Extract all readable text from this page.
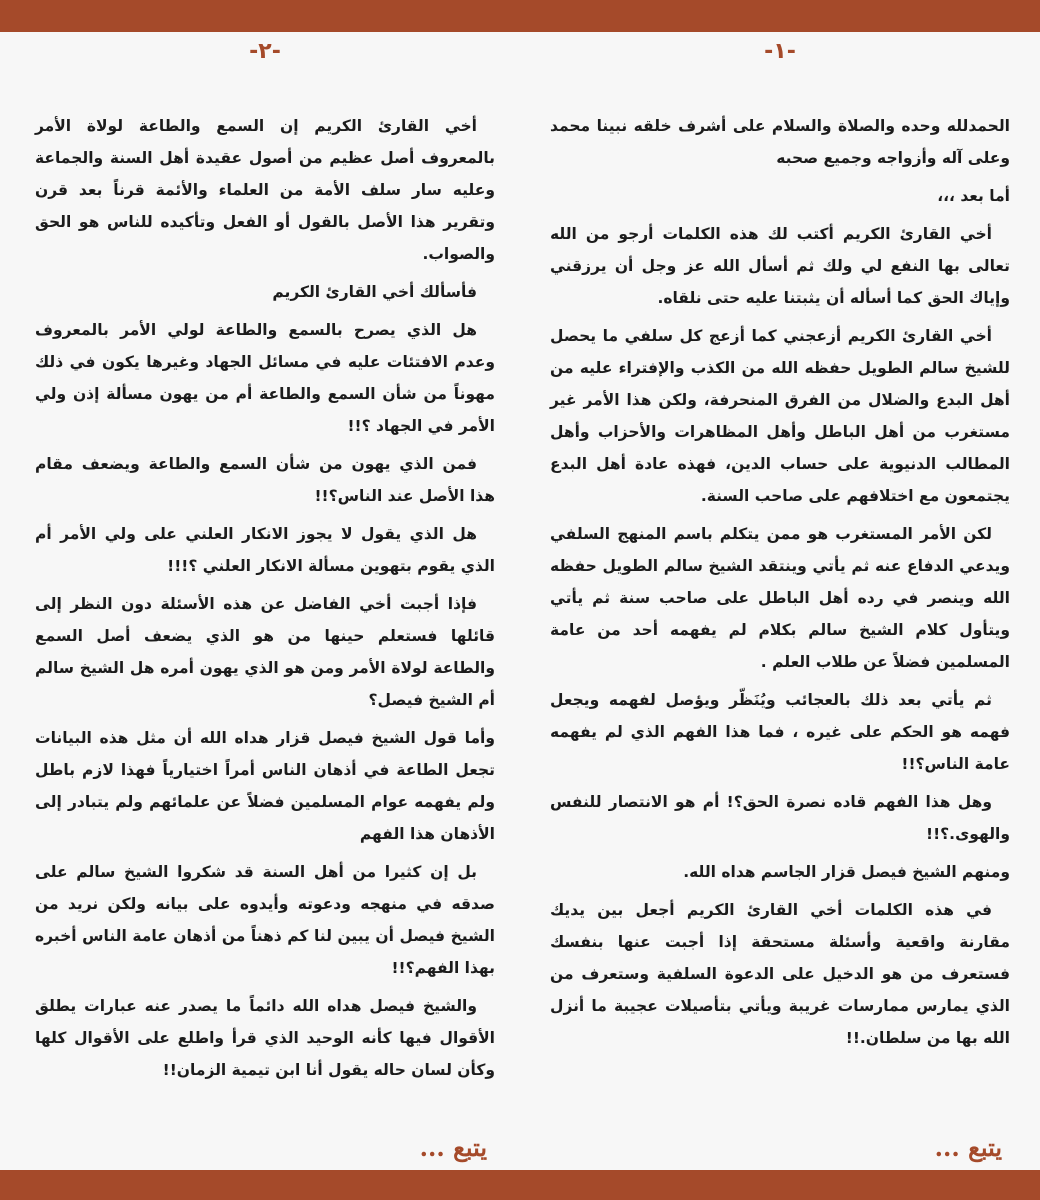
-١-

الحمدلله وحده والصلاة والسلام على أشرف خلقه نبينا محمد وعلى آله وأزواجه وجميع صحبه

أما بعد ،،،

أخي القارئ الكريم أكتب لك هذه الكلمات أرجو من الله تعالى بها النفع لي ولك ثم أسأل الله عز وجل أن يرزقني وإياك الحق كما أسأله أن يثبتنا عليه حتى نلقاه.

أخي القارئ الكريم أزعجني كما أزعج كل سلفي ما يحصل للشيخ سالم الطويل حفظه الله من الكذب والإفتراء عليه من أهل البدع والضلال من الفرق المنحرفة، ولكن هذا الأمر غير مستغرب من أهل الباطل وأهل المظاهرات والأحزاب وأهل المطالب الدنيوية على حساب الدين، فهذه عادة أهل البدع يجتمعون مع اختلافهم على صاحب السنة.

لكن الأمر المستغرب هو ممن يتكلم باسم المنهج السلفي ويدعي الدفاع عنه ثم يأتي وينتقد الشيخ سالم الطويل حفظه الله وينصر في رده أهل الباطل على صاحب سنة ثم يأتي ويتأول كلام الشيخ سالم بكلام لم يفهمه أحد من عامة المسلمين فضلاً عن طلاب العلم .

ثم يأتي بعد ذلك بالعجائب ويُنَظّر ويؤصل لفهمه ويجعل فهمه هو الحكم على غيره ، فما هذا الفهم الذي لم يفهمه عامة الناس؟!!

وهل هذا الفهم قاده نصرة الحق؟! أم هو الانتصار للنفس والهوى.؟!!

ومنهم الشيخ فيصل قزار الجاسم هداه الله.

في هذه الكلمات أخي القارئ الكريم أجعل بين يديك مقارنة واقعية وأسئلة مستحقة إذا أجبت عنها بنفسك فستعرف من هو الدخيل على الدعوة السلفية وستعرف من الذي يمارس ممارسات غريبة ويأتي بتأصيلات عجيبة ما أنزل الله بها من سلطان.!!

يتبع ...
-٢-

أخي القارئ الكريم إن السمع والطاعة لولاة الأمر بالمعروف أصل عظيم من أصول عقيدة أهل السنة والجماعة وعليه سار سلف الأمة من العلماء والأئمة قرناً بعد قرن وتقرير هذا الأصل بالقول أو الفعل وتأكيده للناس هو الحق والصواب.

فأسألك أخي القارئ الكريم

هل الذي يصرح بالسمع والطاعة لولي الأمر بالمعروف وعدم الافتئات عليه في مسائل الجهاد وغيرها يكون في ذلك مهوناً من شأن السمع والطاعة أم من يهون مسألة إذن ولي الأمر في الجهاد ؟!!

فمن الذي يهون من شأن السمع والطاعة ويضعف مقام هذا الأصل عند الناس؟!!

هل الذي يقول لا يجوز الانكار العلني على ولي الأمر أم الذي يقوم بتهوين مسألة الانكار العلني ؟!!!

فإذا أجبت أخي الفاضل عن هذه الأسئلة دون النظر إلى قائلها فستعلم حينها من هو الذي يضعف أصل السمع والطاعة لولاة الأمر ومن هو الذي يهون أمره هل الشيخ سالم أم الشيخ فيصل؟

وأما قول الشيخ فيصل قزار هداه الله أن مثل هذه البيانات تجعل الطاعة في أذهان الناس أمراً اختيارياً فهذا لازم باطل ولم يفهمه عوام المسلمين فضلاً عن علمائهم ولم يتبادر إلى الأذهان هذا الفهم

بل إن كثيرا من أهل السنة قد شكروا الشيخ سالم على صدقه في منهجه ودعوته وأيدوه على بيانه ولكن نريد من الشيخ فيصل أن يبين لنا كم ذهناً من أذهان عامة الناس أخبره بهذا الفهم؟!!

والشيخ فيصل هداه الله دائماً ما يصدر عنه عبارات يطلق الأقوال فيها كأنه الوحيد الذي قرأ واطلع على الأقوال كلها وكأن لسان حاله يقول أنا ابن تيمية الزمان!!

يتبع ...
